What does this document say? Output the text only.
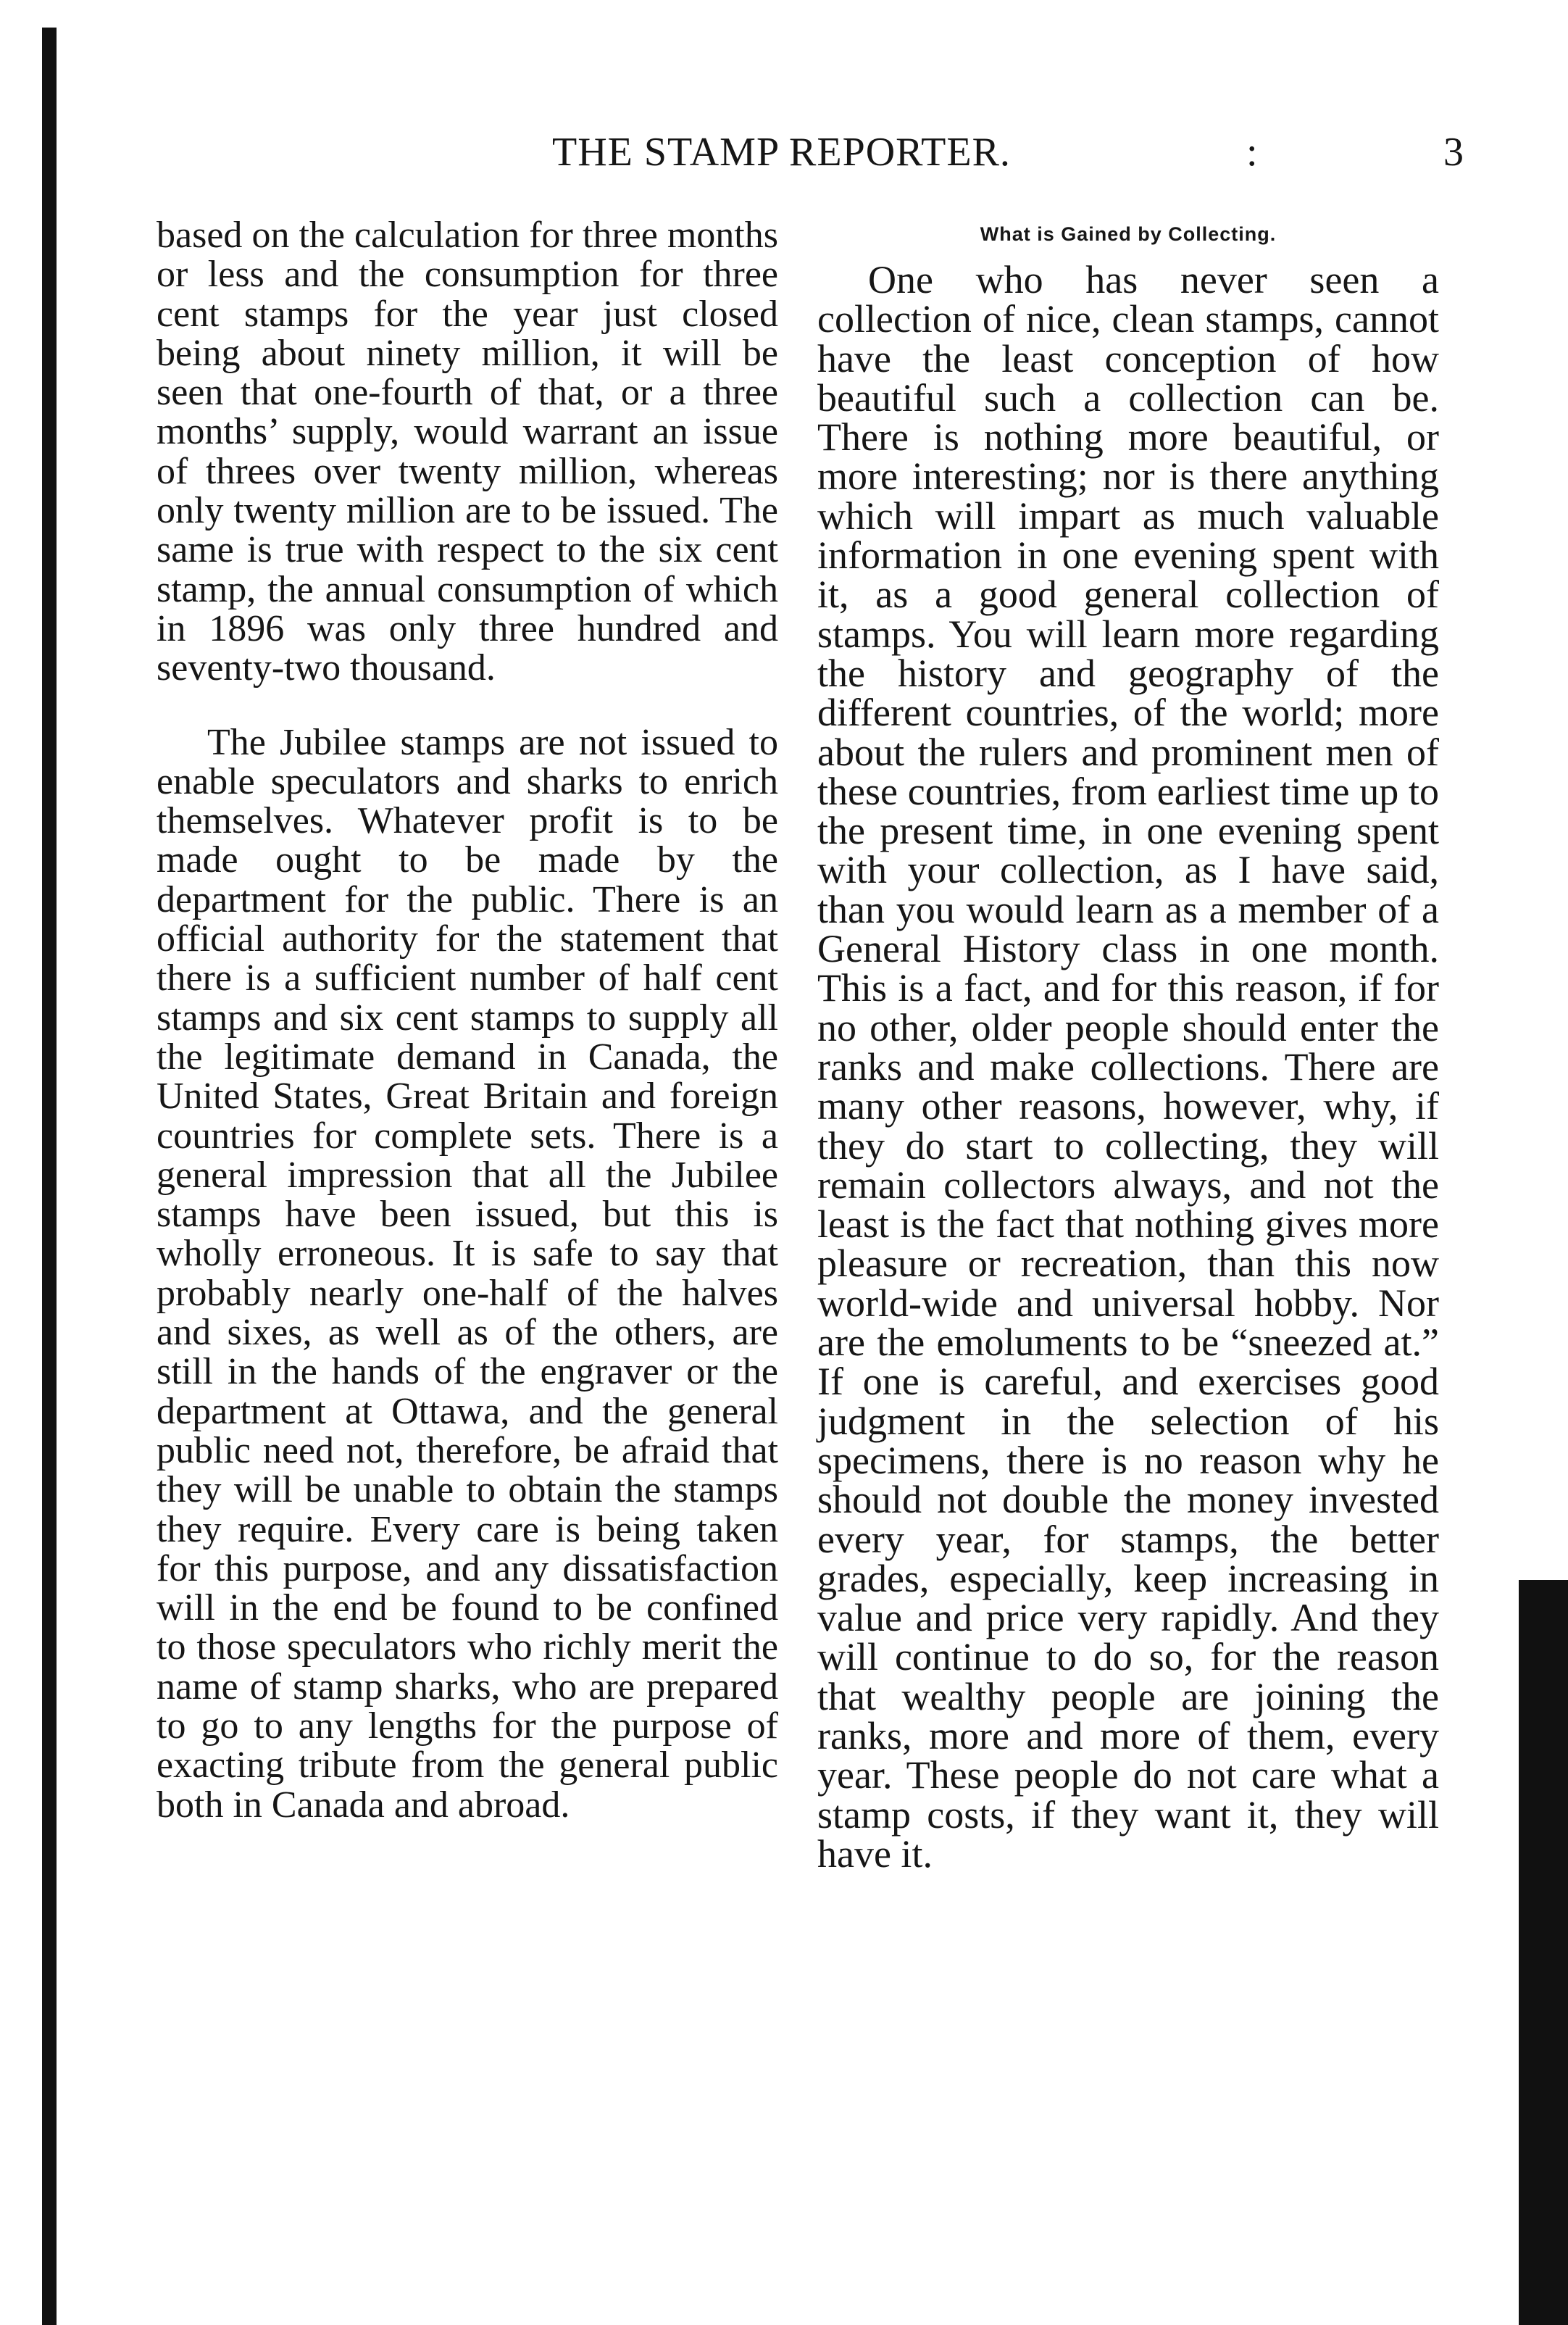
THE STAMP REPORTER.	:	3

based on the calculation for three months or less and the consumption for three cent stamps for the year just closed being about ninety million, it will be seen that one-fourth of that, or a three months’ supply, would warrant an issue of threes over twenty million, whereas only twenty million are to be issued. The same is true with respect to the six cent stamp, the annual consumption of which in 1896 was only three hundred and seventy-two thousand.

The Jubilee stamps are not issued to enable speculators and sharks to enrich themselves. Whatever profit is to be made ought to be made by the department for the public. There is an official authority for the statement that there is a sufficient number of half cent stamps and six cent stamps to supply all the legitimate demand in Canada, the United States, Great Britain and foreign countries for complete sets. There is a general impression that all the Jubilee stamps have been issued, but this is wholly erroneous. It is safe to say that probably nearly one-half of the halves and sixes, as well as of the others, are still in the hands of the engraver or the department at Ottawa, and the general public need not, therefore, be afraid that they will be unable to obtain the stamps they require. Every care is being taken for this purpose, and any dissatisfaction will in the end be found to be confined to those speculators who richly merit the name of stamp sharks, who are prepared to go to any lengths for the purpose of exacting tribute from the general public both in Canada and abroad.

What is Gained by Collecting.

One who has never seen a collection of nice, clean stamps, cannot have the least conception of how beautiful such a collection can be. There is nothing more beautiful, or more interesting; nor is there anything which will impart as much valuable information in one evening spent with it, as a good general collection of stamps. You will learn more regarding the history and geography of the different countries, of the world; more about the rulers and prominent men of these countries, from earliest time up to the present time, in one evening spent with your collection, as I have said, than you would learn as a member of a General History class in one month. This is a fact, and for this reason, if for no other, older people should enter the ranks and make collections. There are many other reasons, however, why, if they do start to collecting, they will remain collectors always, and not the least is the fact that nothing gives more pleasure or recreation, than this now world-wide and universal hobby. Nor are the emoluments to be “sneezed at.” If one is careful, and exercises good judgment in the selection of his specimens, there is no reason why he should not double the money invested every year, for stamps, the better grades, especially, keep increasing in value and price very rapidly. And they will continue to do so, for the reason that wealthy people are joining the ranks, more and more of them, every year. These people do not care what a stamp costs, if they want it, they will have it.
